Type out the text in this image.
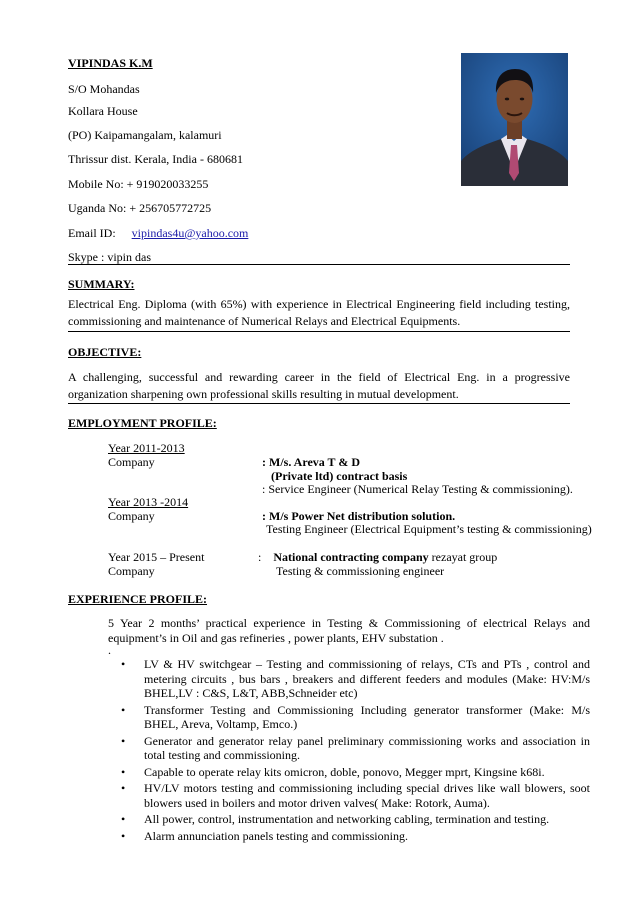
VIPINDAS K.M
S/O Mohandas
Kollara House
(PO) Kaipamangalam, kalamuri
Thrissur dist. Kerala, India - 680681
Mobile No: + 919020033255
Uganda No: + 256705772725
Email ID: vipindas4u@yahoo.com
Skype : vipin das
SUMMARY:
Electrical Eng. Diploma (with 65%) with experience in Electrical Engineering field including testing, commissioning and maintenance of Numerical Relays and Electrical Equipments.
OBJECTIVE:
A challenging, successful and rewarding career in the field of Electrical Eng. in a progressive organization sharpening own professional skills resulting in mutual development.
EMPLOYMENT PROFILE:
Year 2011-2013
Company	: M/s. Areva T & D
(Private ltd) contract basis
: Service Engineer (Numerical Relay Testing & commissioning).
Year 2013 -2014
Company	: M/s Power Net distribution solution.
Testing Engineer (Electrical Equipment’s testing & commissioning)
Year 2015 – Present	: National contracting company rezayat group
Company	Testing & commissioning engineer
EXPERIENCE PROFILE:
5 Year 2 months’ practical experience in Testing & Commissioning of electrical Relays and equipment’s in Oil and gas refineries , power plants, EHV substation .
.
• LV & HV switchgear – Testing and commissioning of relays, CTs and PTs , control and metering circuits , bus bars , breakers and different feeders and modules (Make: HV:M/s BHEL,LV : C&S, L&T, ABB,Schneider etc)
• Transformer Testing and Commissioning Including generator transformer (Make: M/s BHEL, Areva, Voltamp, Emco.)
• Generator and generator relay panel preliminary commissioning works and association in total testing and commissioning.
• Capable to operate relay kits omicron, doble, ponovo, Megger mprt, Kingsine k68i.
• HV/LV motors testing and commissioning including special drives like wall blowers, soot blowers used in boilers and motor driven valves( Make: Rotork, Auma).
• All power, control, instrumentation and networking cabling, termination and testing.
• Alarm annunciation panels testing and commissioning.
